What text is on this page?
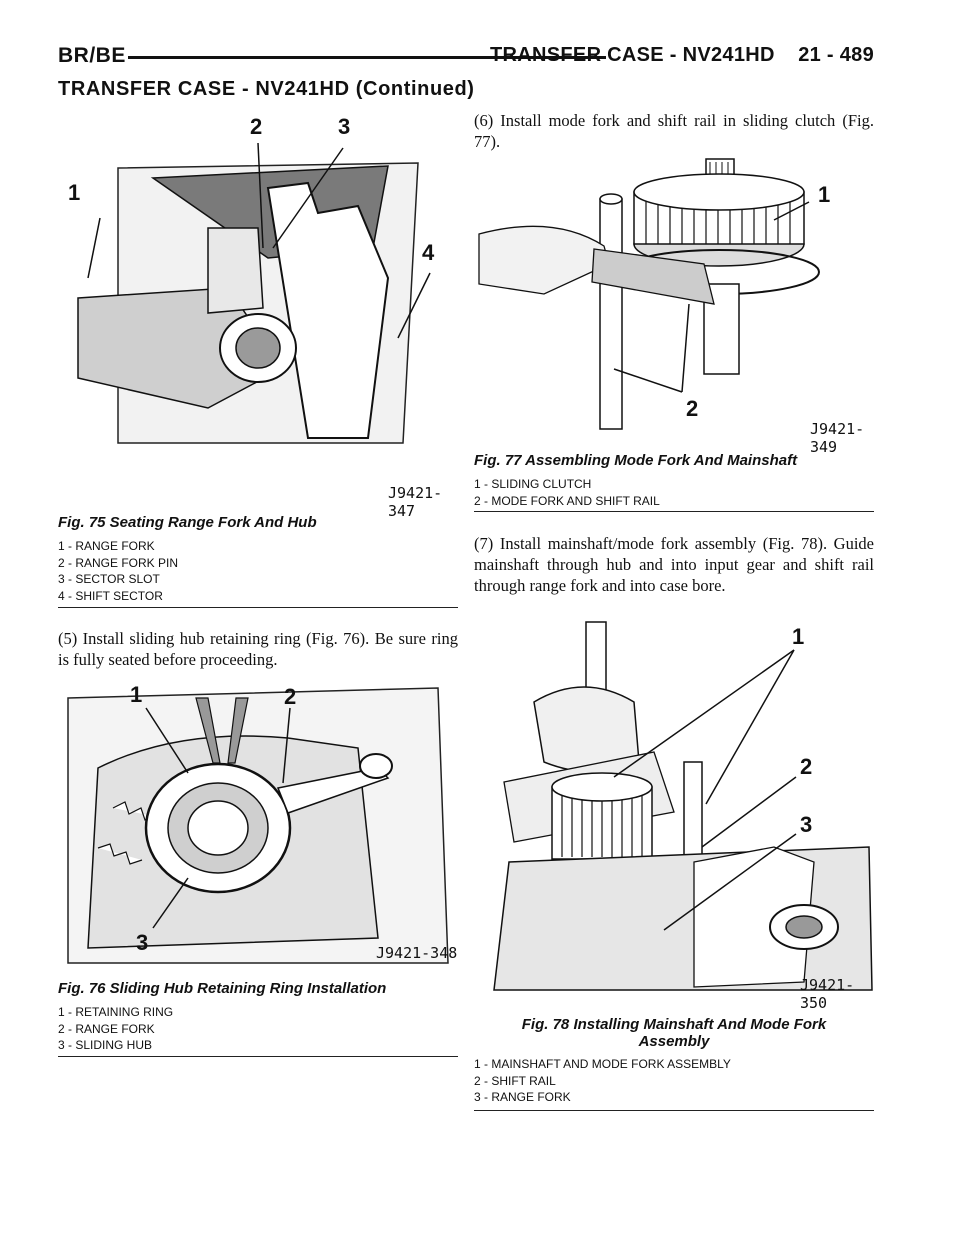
BR/BE	TRANSFER CASE - NV241HD 21 - 489
TRANSFER CASE - NV241HD (Continued)
1
2	3
4
J9421-347
Fig. 75 Seating Range Fork And Hub
1 - RANGE FORK
2 - RANGE FORK PIN
3 - SECTOR SLOT
4 - SHIFT SECTOR
(5) Install sliding hub retaining ring (Fig. 76). Be sure ring is fully seated before proceeding.
1	2
3	J9421-348
Fig. 76 Sliding Hub Retaining Ring Installation
1 - RETAINING RING
2 - RANGE FORK
3 - SLIDING HUB
(6) Install mode fork and shift rail in sliding clutch (Fig. 77).
1
2
J9421-349
Fig. 77 Assembling Mode Fork And Mainshaft
1 - SLIDING CLUTCH
2 - MODE FORK AND SHIFT RAIL
(7) Install mainshaft/mode fork assembly (Fig. 78). Guide mainshaft through hub and into input gear and shift rail through range fork and into case bore.
1
2
3
J9421-350
Fig. 78 Installing Mainshaft And Mode Fork
Assembly
1 - MAINSHAFT AND MODE FORK ASSEMBLY
2 - SHIFT RAIL
3 - RANGE FORK
